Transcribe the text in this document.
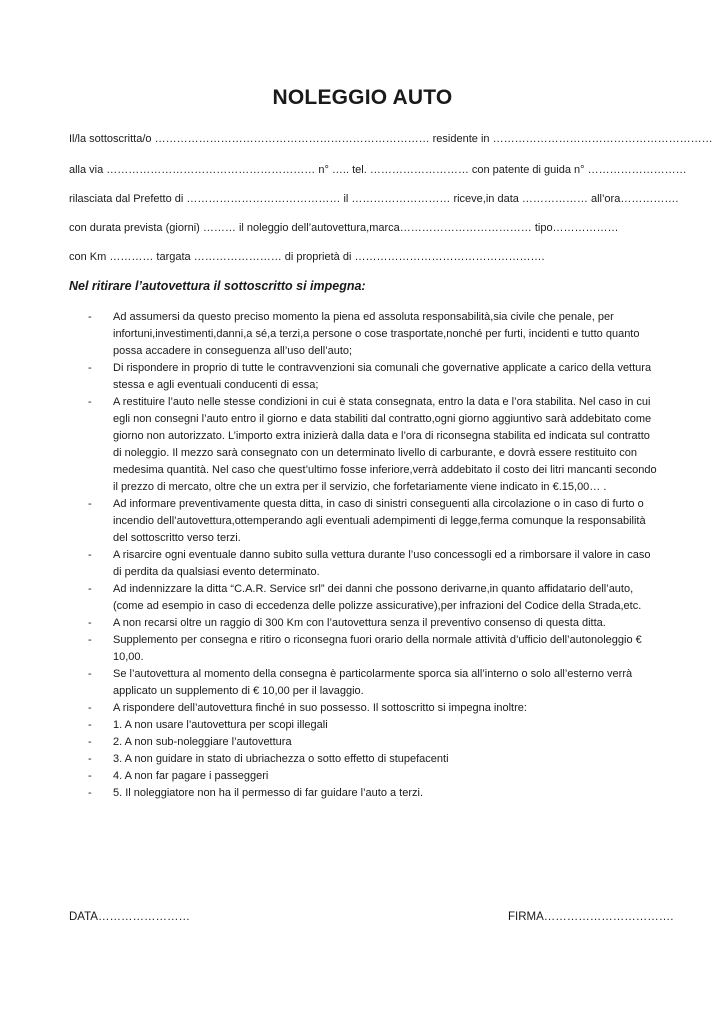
NOLEGGIO AUTO
Il/la sottoscritta/o ………………………………………………………………… residente in ……………………………………………………
alla via ………………………………………………… n° ….. tel. ……………………… con patente di guida n° ………………………
rilasciata dal Prefetto di …………………………………… il ……………………… riceve,in data ……………… all’ora…………….
con durata prevista (giorni) ……… il noleggio dell’autovettura,marca……………………………… tipo………………
con Km ………… targata …………………… di proprietà di …………………………………………….
Nel ritirare l’autovettura il sottoscritto si impegna:
- Ad assumersi da questo preciso momento la piena ed assoluta responsabilità,sia civile che penale, per infortuni,investimenti,danni,a sé,a terzi,a persone o cose trasportate,nonché per furti, incidenti e tutto quanto possa accadere in conseguenza all’uso dell’auto;
- Di rispondere in proprio di tutte le contravvenzioni sia comunali che governative applicate a carico della vettura stessa e agli eventuali conducenti di essa;
- A restituire l’auto nelle stesse condizioni in cui è stata consegnata, entro la data e l’ora stabilita. Nel caso in cui egli non consegni l’auto entro il giorno e data stabiliti dal contratto,ogni giorno aggiuntivo sarà addebitato come giorno non autorizzato. L’importo extra inizierà dalla data e l’ora di riconsegna stabilita ed indicata sul contratto di noleggio. Il mezzo sarà consegnato con un determinato livello di carburante, e dovrà essere restituito con medesima quantità. Nel caso che quest’ultimo fosse inferiore,verrà addebitato il costo dei litri mancanti secondo il prezzo di mercato, oltre che un extra per il servizio, che forfetariamente viene indicato in €.15,00… .
- Ad informare preventivamente questa ditta, in caso di sinistri conseguenti alla circolazione o in caso di furto o incendio dell’autovettura,ottemperando agli eventuali adempimenti di legge,ferma comunque la responsabilità del sottoscritto verso terzi.
- A risarcire ogni eventuale danno subito sulla vettura durante l’uso concessogli ed a rimborsare il valore in caso di perdita da qualsiasi evento determinato.
- Ad indennizzare la ditta “C.A.R. Service srl” dei danni che possono derivarne,in quanto affidatario dell’auto,(come ad esempio in caso di eccedenza delle polizze assicurative),per infrazioni del Codice della Strada,etc.
- A non recarsi oltre un raggio di 300 Km con l’autovettura senza il preventivo consenso di questa ditta.
- Supplemento per consegna e ritiro o riconsegna fuori orario della normale attività d’ufficio dell’autonoleggio € 10,00.
- Se l’autovettura al momento della consegna è particolarmente sporca sia all’interno o solo all’esterno verrà applicato un supplemento di € 10,00 per il lavaggio.
- A rispondere dell’autovettura finché in suo possesso. Il sottoscritto si impegna inoltre:
- 1. A non usare l’autovettura per scopi illegali
- 2. A non sub-noleggiare l’autovettura
- 3. A non guidare in stato di ubriachezza o sotto effetto di stupefacenti
- 4. A non far pagare i passeggeri
- 5. Il noleggiatore non ha il permesso di far guidare l’auto a terzi.
DATA……………………	FIRMA…………………………….
